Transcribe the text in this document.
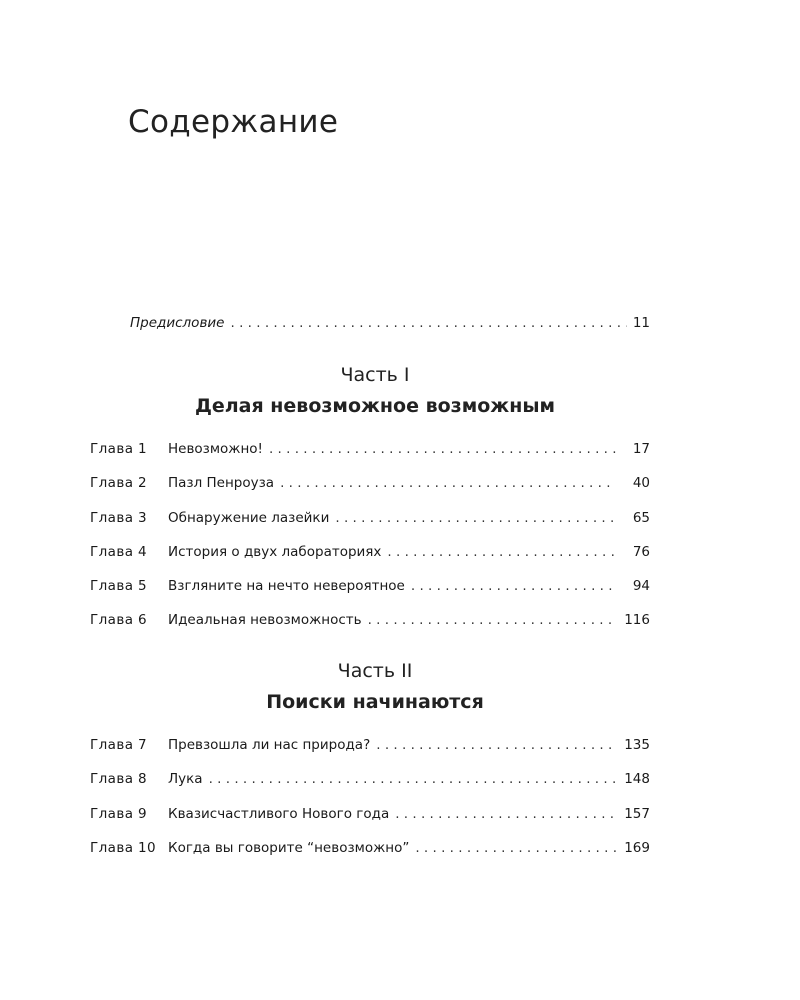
Содержание
Предисловие . . .	11
Часть I
Делая невозможное возможным
Глава 1	Невозможно! . . .	17
Глава 2	Пазл Пенроуза . . .	40
Глава 3	Обнаружение лазейки . . .	65
Глава 4	История о двух лабораториях . . .	76
Глава 5	Взгляните на нечто невероятное . . .	94
Глава 6	Идеальная невозможность . . .	116
Часть II
Поиски начинаются
Глава 7	Превзошла ли нас природа? . . .	135
Глава 8	Лука . . .	148
Глава 9	Квазисчастливого Нового года . . .	157
Глава 10 Когда вы говорите “невозможно” . . .	169
